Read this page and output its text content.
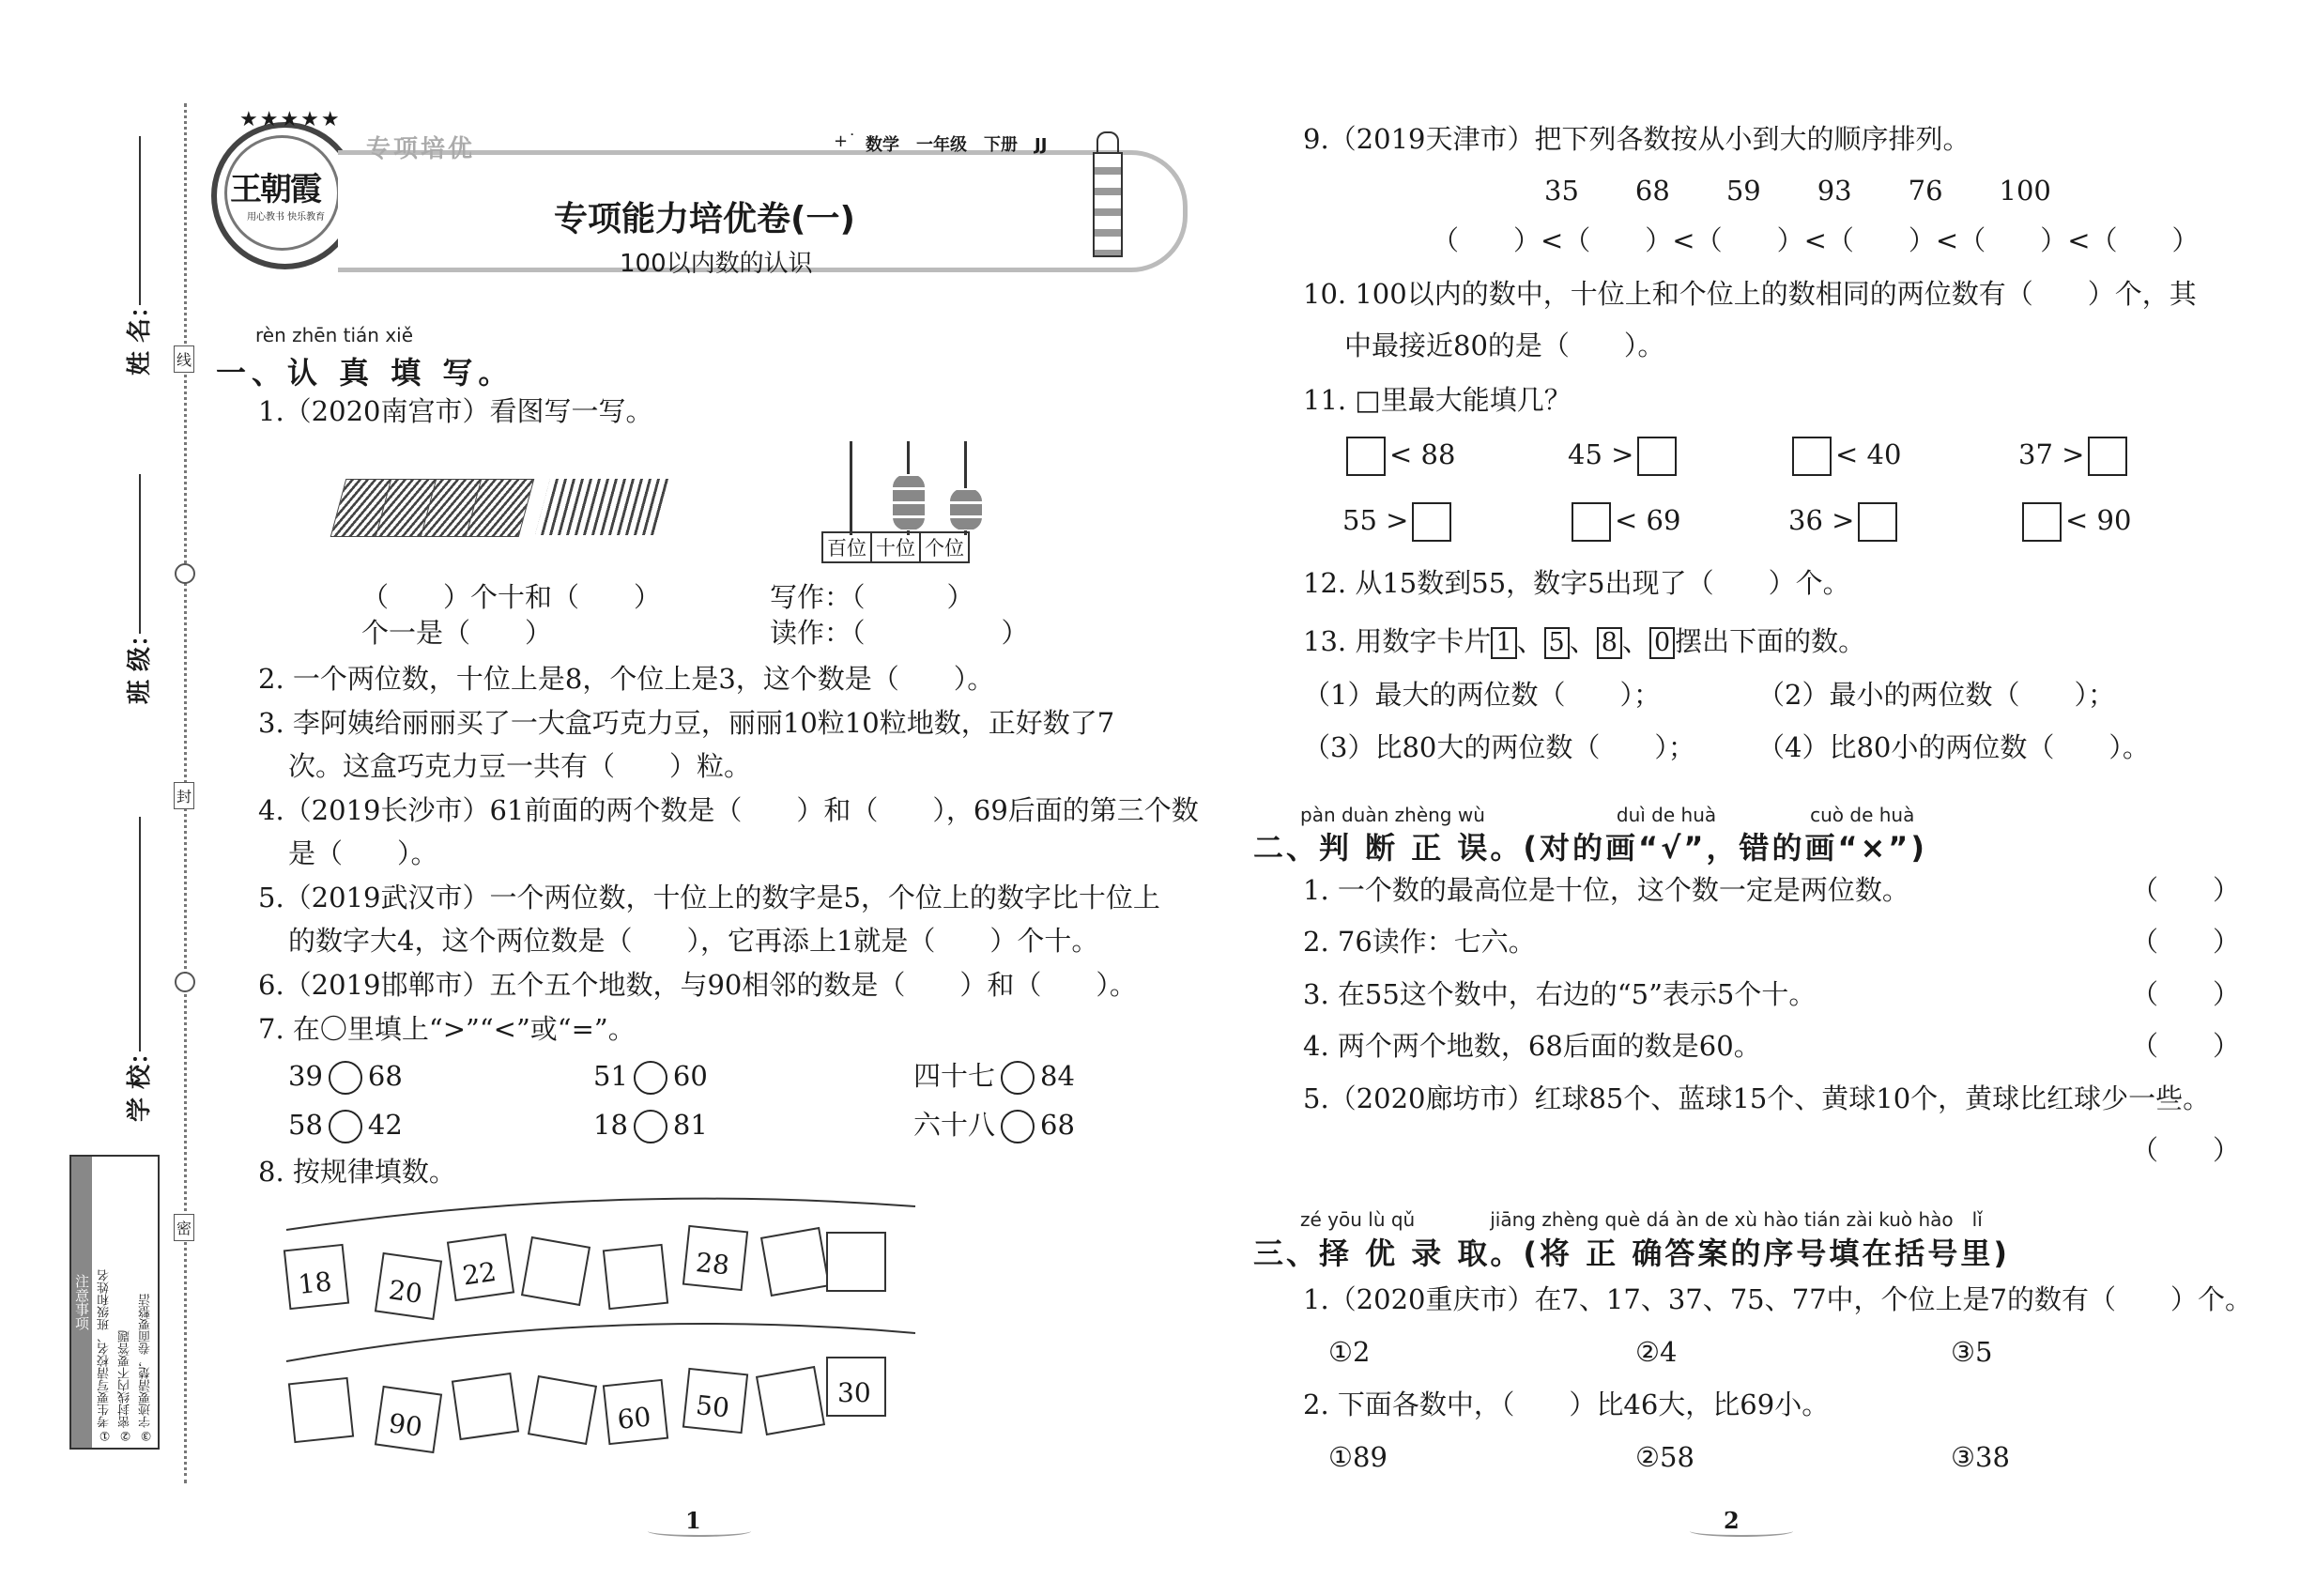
线
封
密
姓 名：
班 级：
学 校：
注意事项 ①考生要写清校名、班级和姓名 ②密封线内不要答题 ③字迹要清楚，卷面要整洁
王朝霞
用心教书 快乐教育
★★★★★
专项培优	+˙ 数学　一年级　下册　JJ
专项能力培优卷(一)
100以内数的认识
rèn zhēn tián xiě
一、认 真 填 写。
1.（2020南宫市）看图写一写。
百位 十位 个位
（　　）个十和（　　）
个一是（　　）
写作：（　　　）
读作：（　　　　　）
2. 一个两位数，十位上是8，个位上是3，这个数是（　　）。
3. 李阿姨给丽丽买了一大盒巧克力豆，丽丽10粒10粒地数，正好数了7
次。这盒巧克力豆一共有（　　）粒。
4.（2019长沙市）61前面的两个数是（　　）和（　　），69后面的第三个数
是（　　）。
5.（2019武汉市）一个两位数，十位上的数字是5，个位上的数字比十位上
的数字大4，这个两位数是（　　），它再添上1就是（　　）个十。
6.（2019邯郸市）五个五个地数，与90相邻的数是（　　）和（　　）。
7. 在〇里填上“>”“<”或“=”。
39 68	51 60	四十七 84
58 42	18 81	六十八 68
8. 按规律填数。
18 20
22	28
90	60 50	30
1
9.（2019天津市）把下列各数按从小到大的顺序排列。
35 68 59 93 76 100
（　　）<（　　）<（　　）<（　　）<（　　）<（　　）
10. 100以内的数中，十位上和个位上的数相同的两位数有（　　）个，其
中最接近80的是（　　）。
11. □里最大能填几？
< 88	45 >	< 40	37 >
55 >	< 69	36 >	< 90
12. 从15数到55，数字5出现了（　　）个。
13. 用数字卡片 1 、 5 、 8 、 0 摆出下面的数。
（1）最大的两位数（　　）；	（2）最小的两位数（　　）；
（3）比80大的两位数（　　）； （4）比80小的两位数（　　）。
pàn duàn zhèng wù　　　　　　　duì de huà　　　　　cuò de huà
二、判 断 正 误。(对的画“√”，错的画“×”)
1. 一个数的最高位是十位，这个数一定是两位数。	（　　）
2. 76读作：七六。	（　　）
3. 在55这个数中，右边的“5”表示5个十。	（　　）
4. 两个两个地数，68后面的数是60。	（　　）
5.（2020廊坊市）红球85个、蓝球15个、黄球10个，黄球比红球少一些。
（　　）
zé yōu lù qǔ　　　　jiāng zhèng què dá àn de xù hào tián zài kuò hào　lǐ
三、择 优 录 取。(将 正 确答案的序号填在括号里)
1.（2020重庆市）在7、17、37、75、77中，个位上是7的数有（　　）个。
①2	②4	③5
2. 下面各数中，（　　）比46大，比69小。
①89	②58	③38
2
